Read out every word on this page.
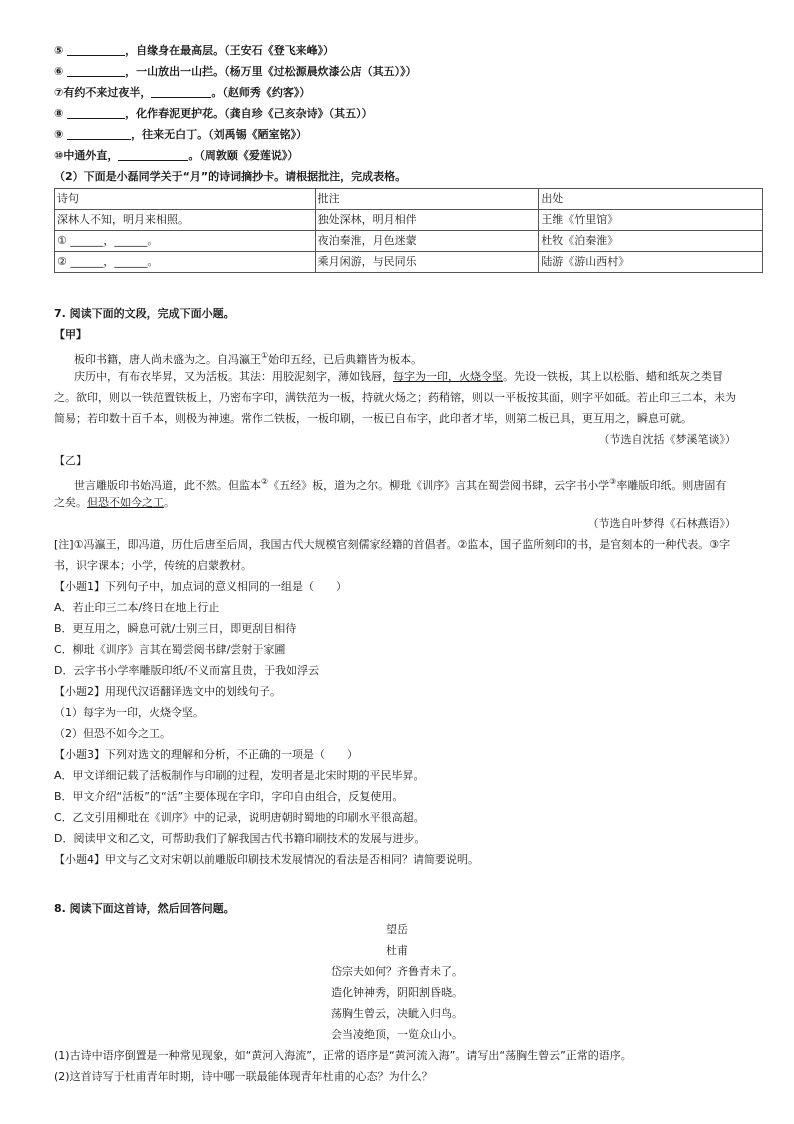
⑤	，自缘身在最高层。（王安石《登飞来峰》）
⑥	，一山放出一山拦。（杨万里《过松源晨炊漆公店（其五）》）
⑦有约不来过夜半，	。（赵师秀《约客》）
⑧	，化作春泥更护花。（龚自珍《己亥杂诗》（其五））
⑨	，往来无白丁。（刘禹锡《陋室铭》）
⑩中通外直，	。（周敦颐《爱莲说》）
（2）下面是小磊同学关于“月”的诗词摘抄卡。请根据批注，完成表格。
诗句	批注	出处
深林人不知，明月来相照。	独处深林，明月相伴	王维《竹里馆》
① ______，______。	夜泊秦淮，月色迷蒙	杜牧《泊秦淮》
② ______，______。	乘月闲游，与民同乐	陆游《游山西村》
7. 阅读下面的文段，完成下面小题。
【甲】
板印书籍，唐人尚未盛为之。自冯瀛王①始印五经，已后典籍皆为板本。
庆历中，有布衣毕昇，又为活板。其法：用胶泥刻字，薄如钱唇，每字为一印，火烧令坚。先设一铁板，其上以松脂、蜡和纸灰之类冒
之。欲印，则以一铁范置铁板上，乃密布字印，满铁范为一板，持就火炀之；药稍镕，则以一平板按其面，则字平如砥。若止印三二本，未为
简易；若印数十百千本，则极为神速。常作二铁板，一板印刷，一板已自布字，此印者才毕，则第二板已具，更互用之，瞬息可就。
（节选自沈括《梦溪笔谈》）
【乙】
世言雕版印书始冯道，此不然。但监本②《五经》板，道为之尔。柳玭《训序》言其在蜀尝阅书肆，云字书小学③率雕版印纸。则唐固有
之矣。但恐不如今之工。
（节选自叶梦得《石林燕语》）
[注]①冯瀛王，即冯道，历仕后唐至后周，我国古代大规模官刻儒家经籍的首倡者。②监本，国子监所刻印的书，是官刻本的一种代表。③字
书，识字课本；小学，传统的启蒙教材。
【小题1】下列句子中，加点词的意义相同的一组是（　　）
A．若止印三二本/终日在地上行止
B．更互用之，瞬息可就/士别三日，即更刮目相待
C．柳玭《训序》言其在蜀尝阅书肆/尝射于家圃
D．云字书小学率雕版印纸/不义而富且贵，于我如浮云
【小题2】用现代汉语翻译选文中的划线句子。
（1）每字为一印，火烧令坚。
（2）但恐不如今之工。
【小题3】下列对选文的理解和分析，不正确的一项是（　　）
A．甲文详细记载了活板制作与印刷的过程，发明者是北宋时期的平民毕昇。
B．甲文介绍“活板”的“活”主要体现在字印，字印自由组合，反复使用。
C．乙文引用柳玭在《训序》中的记录，说明唐朝时蜀地的印刷水平很高超。
D．阅读甲文和乙文，可帮助我们了解我国古代书籍印刷技术的发展与进步。
【小题4】甲文与乙文对宋朝以前雕版印刷技术发展情况的看法是否相同？请简要说明。
8. 阅读下面这首诗，然后回答问题。
望岳
杜甫
岱宗夫如何？齐鲁青未了。
造化钟神秀，阴阳割昏晓。
荡胸生曾云，决眦入归鸟。
会当凌绝顶，一览众山小。
(1)古诗中语序倒置是一种常见现象，如“黄河入海流”，正常的语序是“黄河流入海”。请写出“荡胸生曾云”正常的语序。
(2)这首诗写于杜甫青年时期，诗中哪一联最能体现青年杜甫的心态？为什么？
